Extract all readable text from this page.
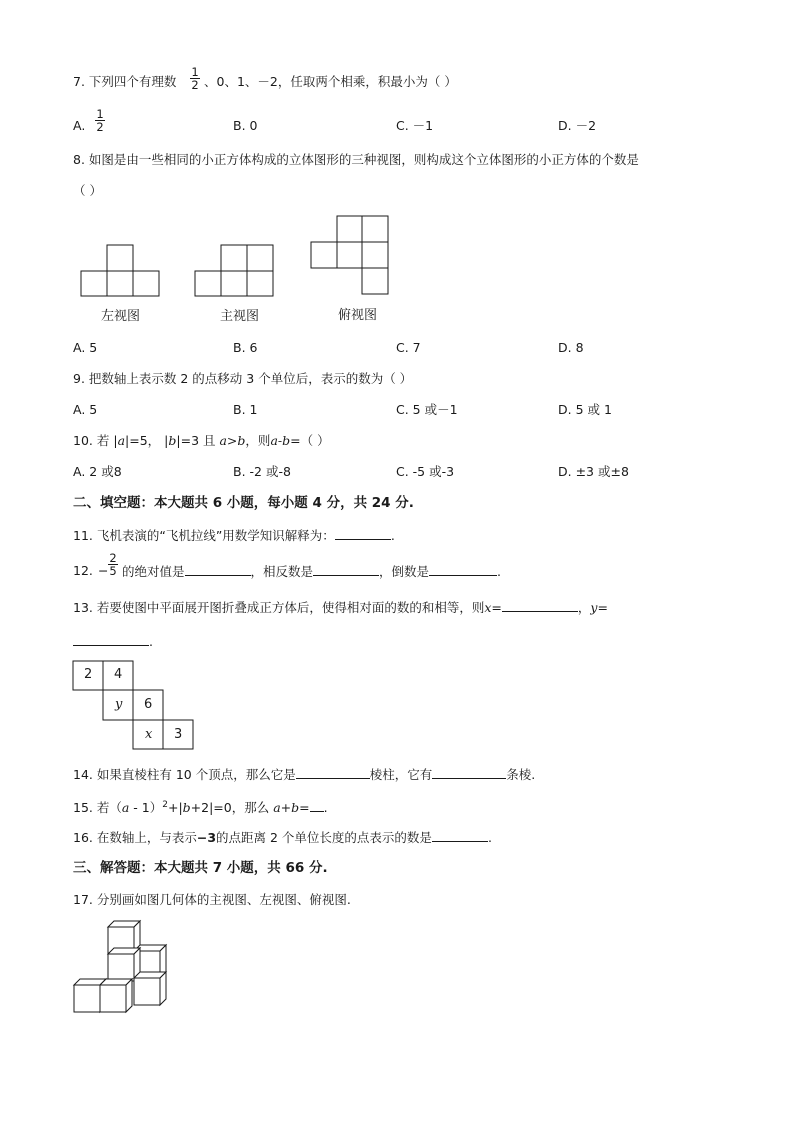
7. 下列四个有理数
1
2 、0、1、－2，任取两个相乘，积最小为（ ）
A.
1
2	B. 0	C. －1	D. －2
8. 如图是由一些相同的小正方体构成的立体图形的三种视图，则构成这个立体图形的小正方体的个数是
（ ）
左视图	主视图	俯视图
A. 5	B. 6	C. 7	D. 8
9. 把数轴上表示数 2 的点移动 3 个单位后，表示的数为（ ）
A. 5	B. 1	C. 5 或－1	D. 5 或 1
10. 若 |a|=5， |b|=3 且 a>b，则a-b=（ ）
A. 2 或8	B. -2 或-8	C. -5 或-3	D. ±3 或±8
二、填空题：本大题共 6 小题，每小题 4 分，共 24 分.
11. 飞机表演的“飞机拉线”用数学知识解释为：	.
12. −
2
5 的绝对值是	，相反数是	，倒数是	.
13. 若要使图中平面展开图折叠成正方体后，使得相对面的数的和相等，则x=	，y=
.
2 4
y 6
x 3
14. 如果直棱柱有 10 个顶点，那么它是	棱柱，它有	条棱.
15. 若（a - 1）$^2$+|b+2|=0，那么 a+b= .
16. 在数轴上，与表示−3的点距离 2 个单位长度的点表示的数是	.
三、解答题：本大题共 7 小题，共 66 分.
17. 分别画如图几何体的主视图、左视图、俯视图.
